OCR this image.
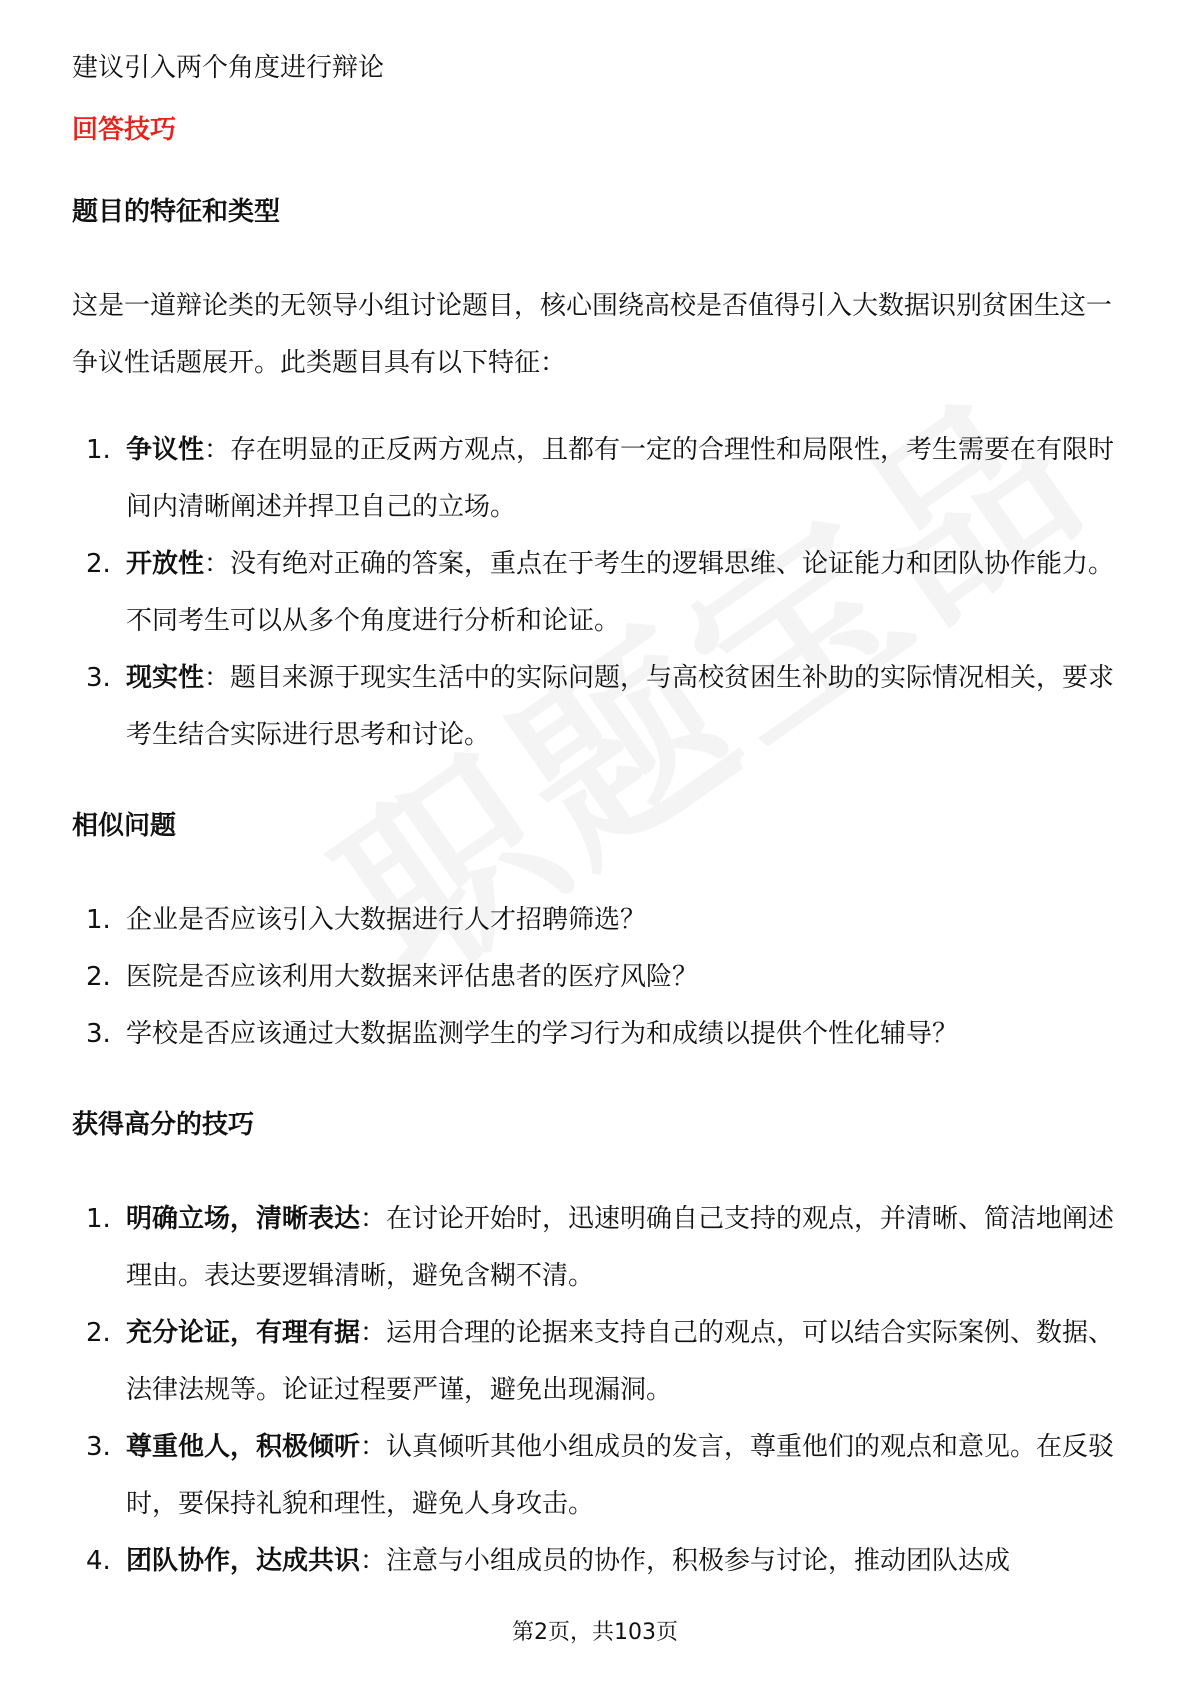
建议引入两个角度进行辩论
回答技巧
题目的特征和类型
这是一道辩论类的无领导小组讨论题目，核心围绕高校是否值得引入大数据识别贫困生这一争议性话题展开。此类题目具有以下特征：
1. 争议性：存在明显的正反两方观点，且都有一定的合理性和局限性，考生需要在有限时间内清晰阐述并捍卫自己的立场。
2. 开放性：没有绝对正确的答案，重点在于考生的逻辑思维、论证能力和团队协作能力。不同考生可以从多个角度进行分析和论证。
3. 现实性：题目来源于现实生活中的实际问题，与高校贫困生补助的实际情况相关，要求考生结合实际进行思考和讨论。
相似问题
1. 企业是否应该引入大数据进行人才招聘筛选？
2. 医院是否应该利用大数据来评估患者的医疗风险？
3. 学校是否应该通过大数据监测学生的学习行为和成绩以提供个性化辅导？
获得高分的技巧
1. 明确立场，清晰表达：在讨论开始时，迅速明确自己支持的观点，并清晰、简洁地阐述理由。表达要逻辑清晰，避免含糊不清。
2. 充分论证，有理有据：运用合理的论据来支持自己的观点，可以结合实际案例、数据、法律法规等。论证过程要严谨，避免出现漏洞。
3. 尊重他人，积极倾听：认真倾听其他小组成员的发言，尊重他们的观点和意见。在反驳时，要保持礼貌和理性，避免人身攻击。
4. 团队协作，达成共识：注意与小组成员的协作，积极参与讨论，推动团队达成
第2页，共103页
